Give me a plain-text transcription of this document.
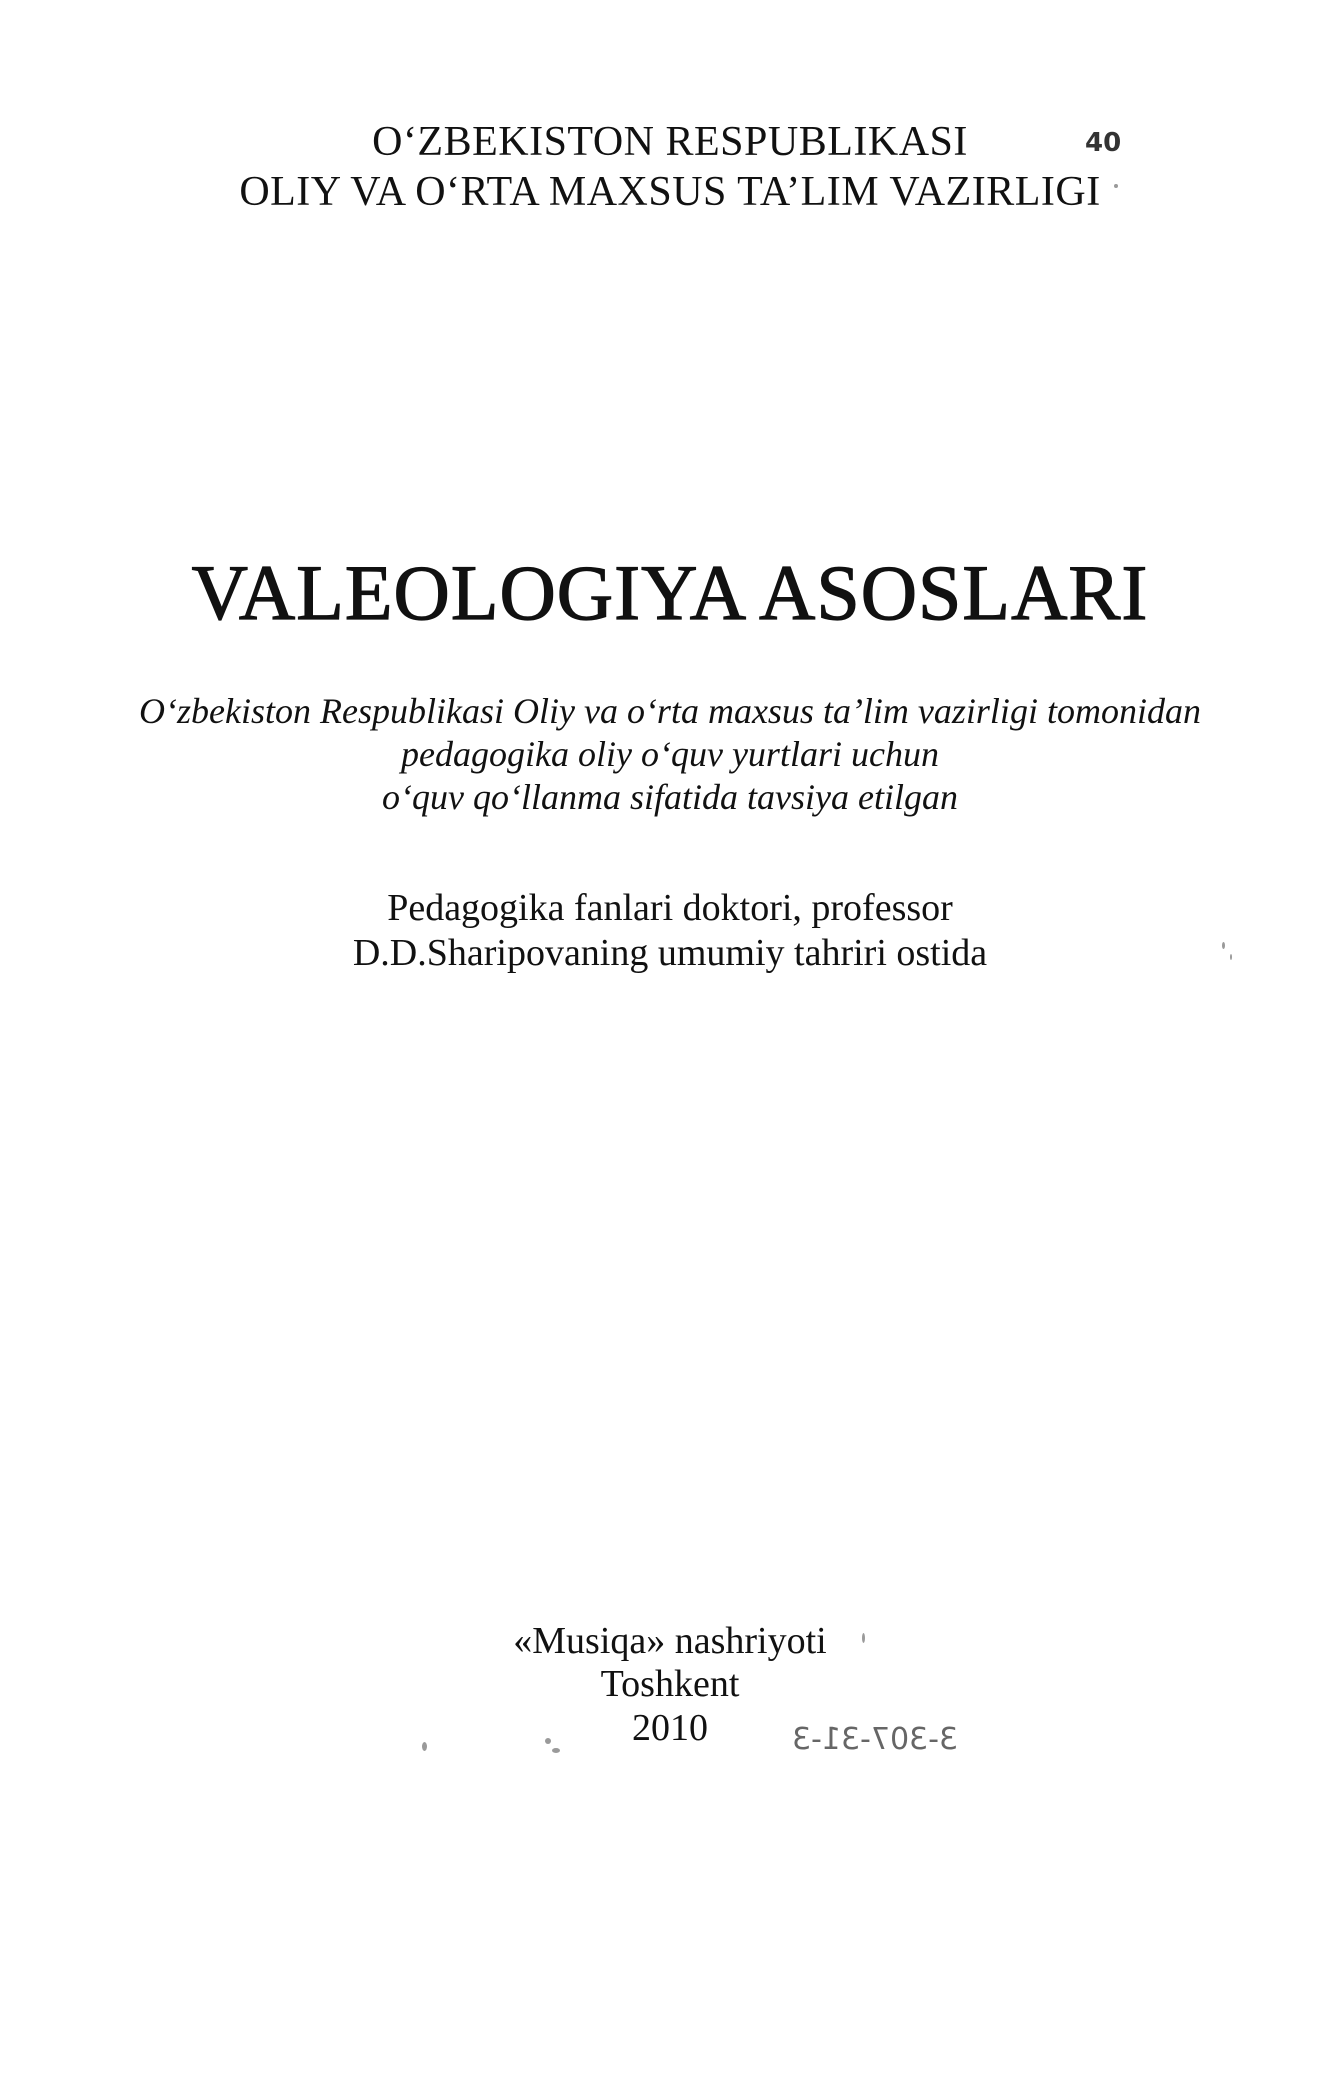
O‘ZBEKISTON RESPUBLIKASI	40
OLIY VA O‘RTA MAXSUS TA’LIM VAZIRLIGI
VALEOLOGIYA ASOSLARI
O‘zbekiston Respublikasi Oliy va o‘rta maxsus ta’lim vazirligi tomonidan
pedagogika oliy o‘quv yurtlari uchun
o‘quv qo‘llanma sifatida tavsiya etilgan
Pedagogika fanlari doktori, professor
D.D.Sharipovaning umumiy tahriri ostida
«Musiqa» nashriyoti
Toshkent
2010	3-307-31-3
